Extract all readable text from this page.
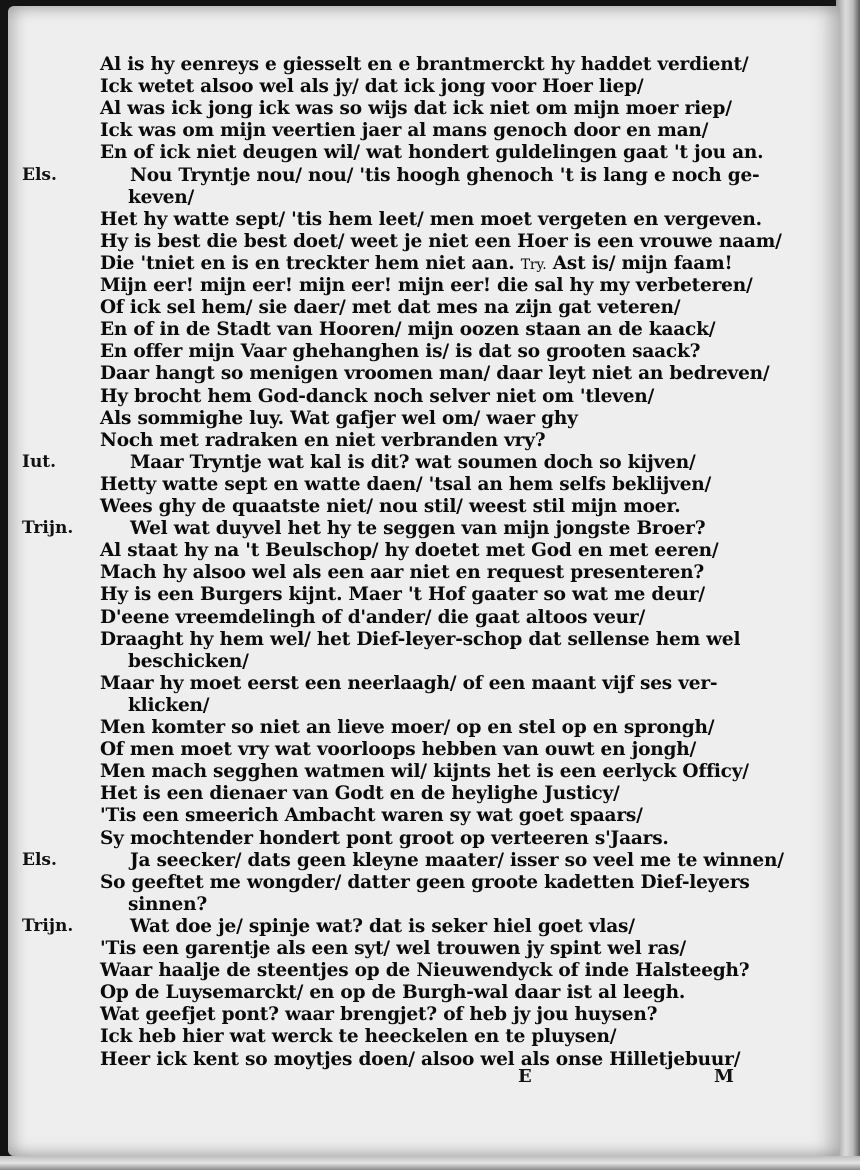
Al is hy eenreys e giesselt en e brantmerckt hy haddet verdient/
Ick wetet alsoo wel als jy/ dat ick jong voor Hoer liep/
Al was ick jong ick was so wijs dat ick niet om mijn moer riep/
Ick was om mijn veertien jaer al mans genoch door en man/
En of ick niet deugen wil/ wat hondert guldelingen gaat 't jou an.
Els.	Nou Tryntje nou/ nou/ 'tis hoogh ghenoch 't is lang e noch ge-
keven/
Het hy watte sept/ 'tis hem leet/ men moet vergeten en vergeven.
Hy is best die best doet/ weet je niet een Hoer is een vrouwe naam/
Die 'tniet en is en treckter hem niet aan. Try. Ast is/ mijn faam!
Mijn eer! mijn eer! mijn eer! mijn eer! die sal hy my verbeteren/
Of ick sel hem/ sie daer/ met dat mes na zijn gat veteren/
En of in de Stadt van Hooren/ mijn oozen staan an de kaack/
En offer mijn Vaar ghehanghen is/ is dat so grooten saack?
Daar hangt so menigen vroomen man/ daar leyt niet an bedreven/
Hy brocht hem God-danck noch selver niet om 'tleven/
Als sommighe luy. Wat gafjer wel om/ waer ghy
Noch met radraken en niet verbranden vry?
Iut.	Maar Tryntje wat kal is dit? wat soumen doch so kijven/
Hetty watte sept en watte daen/ 'tsal an hem selfs beklijven/
Wees ghy de quaatste niet/ nou stil/ weest stil mijn moer.
Trijn.	Wel wat duyvel het hy te seggen van mijn jongste Broer?
Al staat hy na 't Beulschop/ hy doetet met God en met eeren/
Mach hy alsoo wel als een aar niet en request presenteren?
Hy is een Burgers kijnt. Maer 't Hof gaater so wat me deur/
D'eene vreemdelingh of d'ander/ die gaat altoos veur/
Draaght hy hem wel/ het Dief-leyer-schop dat sellense hem wel
beschicken/
Maar hy moet eerst een neerlaagh/ of een maant vijf ses ver-
klicken/
Men komter so niet an lieve moer/ op en stel op en sprongh/
Of men moet vry wat voorloops hebben van ouwt en jongh/
Men mach segghen watmen wil/ kijnts het is een eerlyck Officy/
Het is een dienaer van Godt en de heylighe Justicy/
'Tis een smeerich Ambacht waren sy wat goet spaars/
Sy mochtender hondert pont groot op verteeren s'Jaars.
Els.	Ja seecker/ dats geen kleyne maater/ isser so veel me te winnen/
So geeftet me wongder/ datter geen groote kadetten Dief-leyers
sinnen?
Trijn.	Wat doe je/ spinje wat? dat is seker hiel goet vlas/
'Tis een garentje als een syt/ wel trouwen jy spint wel ras/
Waar haalje de steentjes op de Nieuwendyck of inde Halsteegh?
Op de Luysemarckt/ en op de Burgh-wal daar ist al leegh.
Wat geefjet pont? waar brengjet? of heb jy jou huysen?
Ick heb hier wat werck te heeckelen en te pluysen/
Heer ick kent so moytjes doen/ alsoo wel als onse Hilletjebuur/
E	M
